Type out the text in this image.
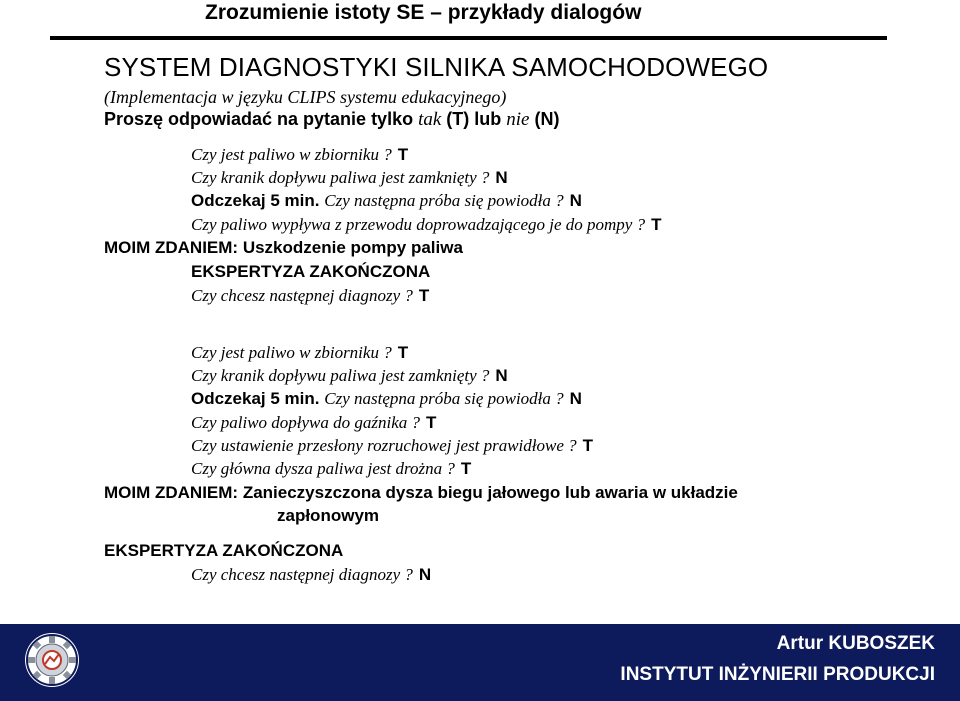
Zrozumienie istoty SE – przykłady dialogów
SYSTEM DIAGNOSTYKI SILNIKA SAMOCHODOWEGO
(Implementacja w języku CLIPS systemu edukacyjnego)
Proszę odpowiadać na pytanie tylko tak (T) lub nie (N)
Czy jest paliwo w zbiorniku ? T
Czy kranik dopływu paliwa jest zamknięty ? N
Odczekaj 5 min. Czy następna próba się powiodła ? N
Czy paliwo wypływa z przewodu doprowadzającego je do pompy ? T
MOIM ZDANIEM: Uszkodzenie pompy paliwa
EKSPERTYZA ZAKOŃCZONA
Czy chcesz następnej diagnozy ? T
Czy jest paliwo w zbiorniku ? T
Czy kranik dopływu paliwa jest zamknięty ? N
Odczekaj 5 min. Czy następna próba się powiodła ? N
Czy paliwo dopływa do gaźnika ? T
Czy ustawienie przesłony rozruchowej jest prawidłowe ? T
Czy główna dysza paliwa jest drożna ? T
MOIM ZDANIEM: Zanieczyszczona dysza biegu jałowego lub awaria w układzie
zapłonowym
EKSPERTYZA ZAKOŃCZONA
Czy chcesz następnej diagnozy ? N
Artur KUBOSZEK
INSTYTUT INŻYNIERII PRODUKCJI
